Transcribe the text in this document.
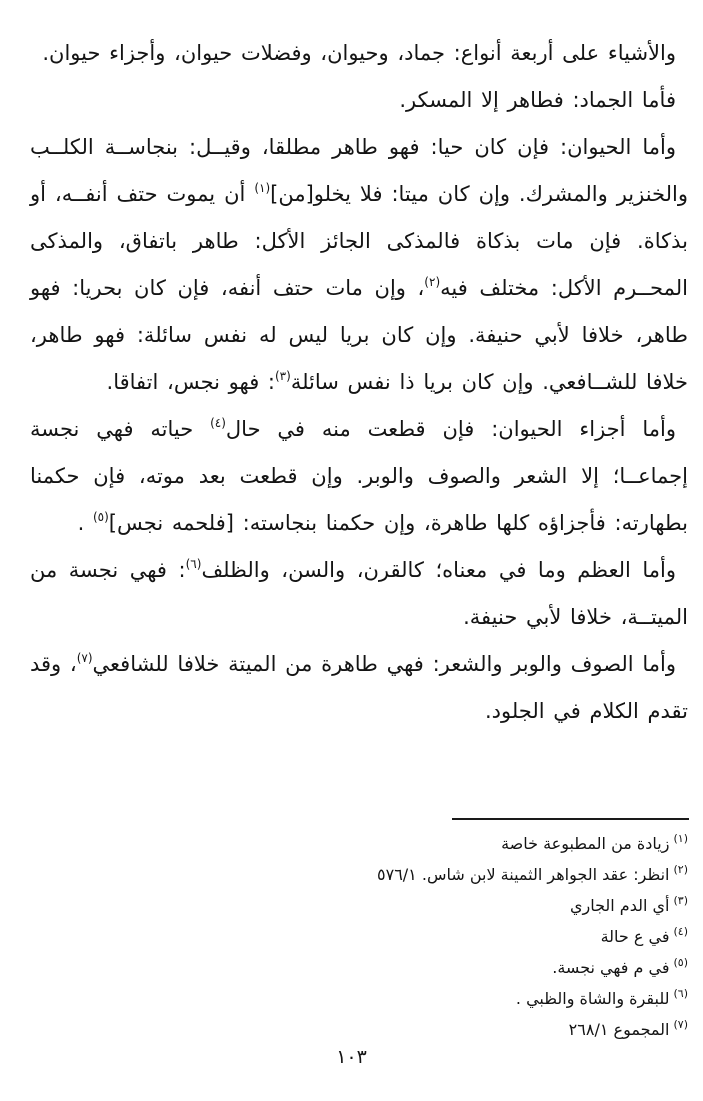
والأشياء على أربعة أنواع: جماد، وحيوان، وفضلات حيوان، وأجزاء حيوان.

فأما الجماد: فطاهر إلا المسكر.

وأما الحيوان: فإن كان حيا: فهو طاهر مطلقا، وقيــل: بنجاســة الكلــب والخنزير والمشرك. وإن كان ميتا: فلا يخلو[من]$^{(١)}$ أن يموت حتف أنفــه، أو بذكاة. فإن مات بذكاة فالمذكى الجائز الأكل: طاهر باتفاق، والمذكى المحــرم الأكل: مختلف فيه$^{(٢)}$، وإن مات حتف أنفه، فإن كان بحريا: فهو طاهر، خلافا لأبي حنيفة. وإن كان بريا ليس له نفس سائلة: فهو طاهر، خلافا للشــافعي. وإن كان بريا ذا نفس سائلة$^{(٣)}$: فهو نجس، اتفاقا.

وأما أجزاء الحيوان: فإن قطعت منه في حال$^{(٤)}$ حياته فهي نجسة إجماعــا؛ إلا الشعر والصوف والوبر. وإن قطعت بعد موته، فإن حكمنا بطهارته: فأجزاؤه كلها طاهرة، وإن حكمنا بنجاسته: [فلحمه نجس]$^{(٥)}$ .

وأما العظم وما في معناه؛ كالقرن، والسن، والظلف$^{(٦)}$: فهي نجسة من الميتــة، خلافا لأبي حنيفة.

وأما الصوف والوبر والشعر: فهي طاهرة من الميتة خلافا للشافعي$^{(٧)}$، وقد تقدم الكلام في الجلود.

$^{(١)}$زيادة من المطبوعة خاصة
$^{(٢)}$انظر: عقد الجواهر الثمينة لابن شاس. ٥٧٦/١
$^{(٣)}$أي الدم الجاري
$^{(٤)}$في ع حالة
$^{(٥)}$في م فهي نجسة.
$^{(٦)}$للبقرة والشاة والظبي .
$^{(٧)}$المجموع ٢٦٨/١
١٠٣
